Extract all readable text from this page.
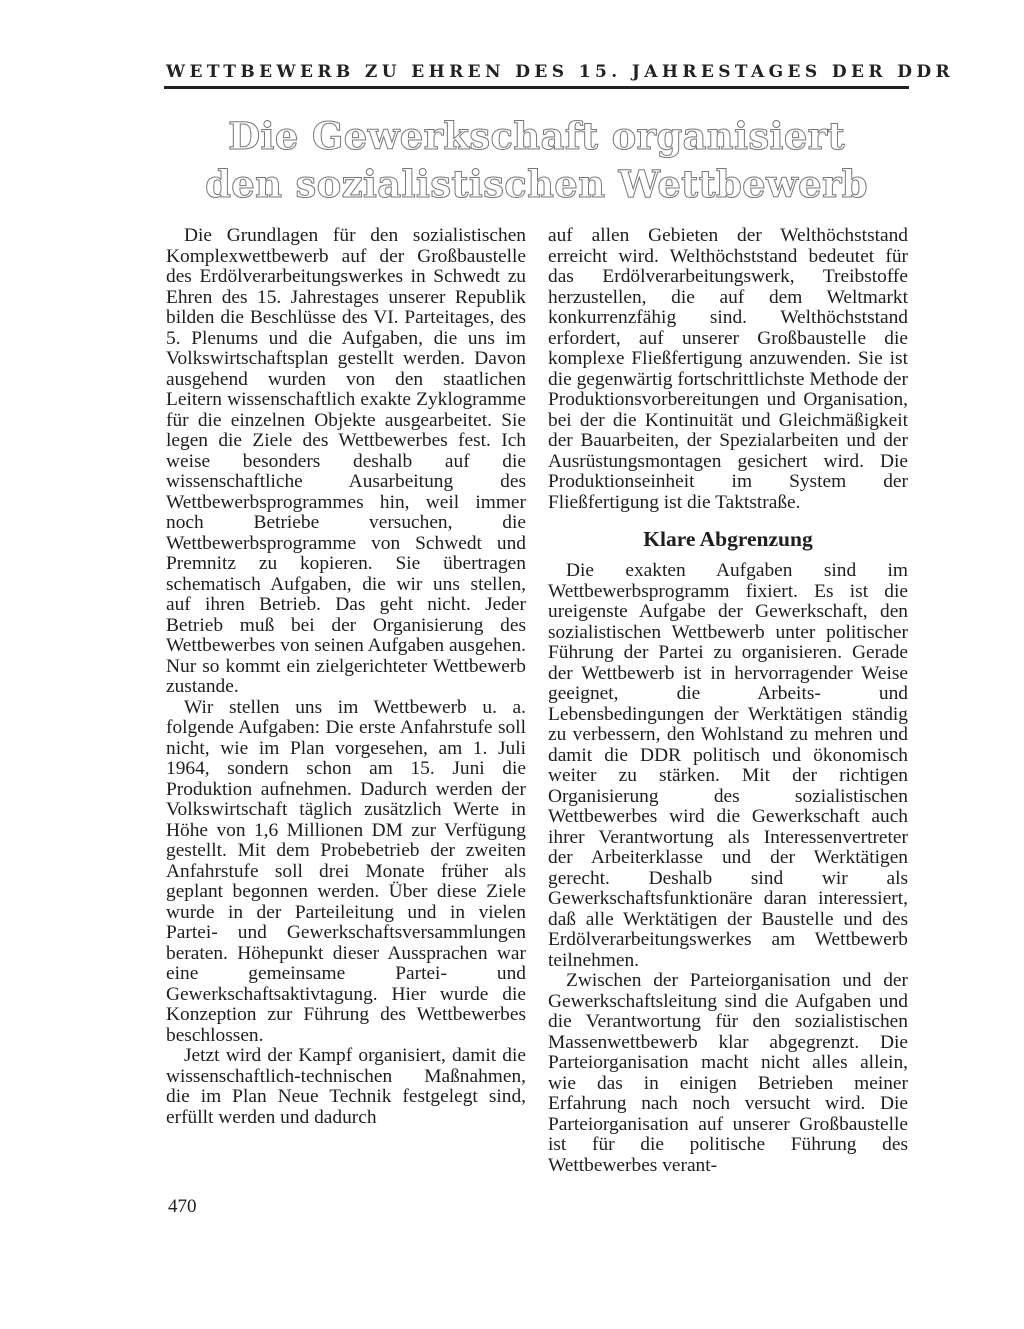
WETTBEWERB ZU EHREN DES 15. JAHRESTAGES DER DDR
Die Gewerkschaft organisiert
den sozialistischen Wettbewerb

Die Grundlagen für den sozialistischen Komplexwettbewerb auf der Großbaustelle des Erdölverarbeitungswerkes in Schwedt zu Ehren des 15. Jahrestages unserer Republik bilden die Beschlüsse des VI. Parteitages, des 5. Plenums und die Aufgaben, die uns im Volkswirtschaftsplan gestellt werden. Davon ausgehend wurden von den staatlichen Leitern wissenschaftlich exakte Zyklogramme für die einzelnen Objekte ausgearbeitet. Sie legen die Ziele des Wettbewerbes fest. Ich weise besonders deshalb auf die wissenschaftliche Ausarbeitung des Wettbewerbsprogrammes hin, weil immer noch Betriebe versuchen, die Wettbewerbsprogramme von Schwedt und Premnitz zu kopieren. Sie übertragen schematisch Aufgaben, die wir uns stellen, auf ihren Betrieb. Das geht nicht. Jeder Betrieb muß bei der Organisierung des Wettbewerbes von seinen Aufgaben ausgehen. Nur so kommt ein zielgerichteter Wettbewerb zustande.

Wir stellen uns im Wettbewerb u. a. folgende Aufgaben: Die erste Anfahrstufe soll nicht, wie im Plan vorgesehen, am 1. Juli 1964, sondern schon am 15. Juni die Produktion aufnehmen. Dadurch werden der Volkswirtschaft täglich zusätzlich Werte in Höhe von 1,6 Millionen DM zur Verfügung gestellt. Mit dem Probebetrieb der zweiten Anfahrstufe soll drei Monate früher als geplant begonnen werden. Über diese Ziele wurde in der Parteileitung und in vielen Partei- und Gewerkschaftsversammlungen beraten. Höhepunkt dieser Aussprachen war eine gemeinsame Partei- und Gewerkschaftsaktivtagung. Hier wurde die Konzeption zur Führung des Wettbewerbes beschlossen.

Jetzt wird der Kampf organisiert, damit die wissenschaftlich-technischen Maßnahmen, die im Plan Neue Technik festgelegt sind, erfüllt werden und dadurch

auf allen Gebieten der Welthöchststand erreicht wird. Welthöchststand bedeutet für das Erdölverarbeitungswerk, Treibstoffe herzustellen, die auf dem Weltmarkt konkurrenzfähig sind. Welthöchststand erfordert, auf unserer Großbaustelle die komplexe Fließfertigung anzuwenden. Sie ist die gegenwärtig fortschrittlichste Methode der Produktionsvorbereitungen und Organisation, bei der die Kontinuität und Gleichmäßigkeit der Bauarbeiten, der Spezialarbeiten und der Ausrüstungsmontagen gesichert wird. Die Produktionseinheit im System der Fließfertigung ist die Taktstraße.

Klare Abgrenzung

Die exakten Aufgaben sind im Wettbewerbsprogramm fixiert. Es ist die ureigenste Aufgabe der Gewerkschaft, den sozialistischen Wettbewerb unter politischer Führung der Partei zu organisieren. Gerade der Wettbewerb ist in hervorragender Weise geeignet, die Arbeits- und Lebensbedingungen der Werktätigen ständig zu verbessern, den Wohlstand zu mehren und damit die DDR politisch und ökonomisch weiter zu stärken. Mit der richtigen Organisierung des sozialistischen Wettbewerbes wird die Gewerkschaft auch ihrer Verantwortung als Interessenvertreter der Arbeiterklasse und der Werktätigen gerecht. Deshalb sind wir als Gewerkschaftsfunktionäre daran interessiert, daß alle Werktätigen der Baustelle und des Erdölverarbeitungswerkes am Wettbewerb teilnehmen.

Zwischen der Parteiorganisation und der Gewerkschaftsleitung sind die Aufgaben und die Verantwortung für den sozialistischen Massenwettbewerb klar abgegrenzt. Die Parteiorganisation macht nicht alles allein, wie das in einigen Betrieben meiner Erfahrung nach noch versucht wird. Die Parteiorganisation auf unserer Großbaustelle ist für die politische Führung des Wettbewerbes verant-

470
